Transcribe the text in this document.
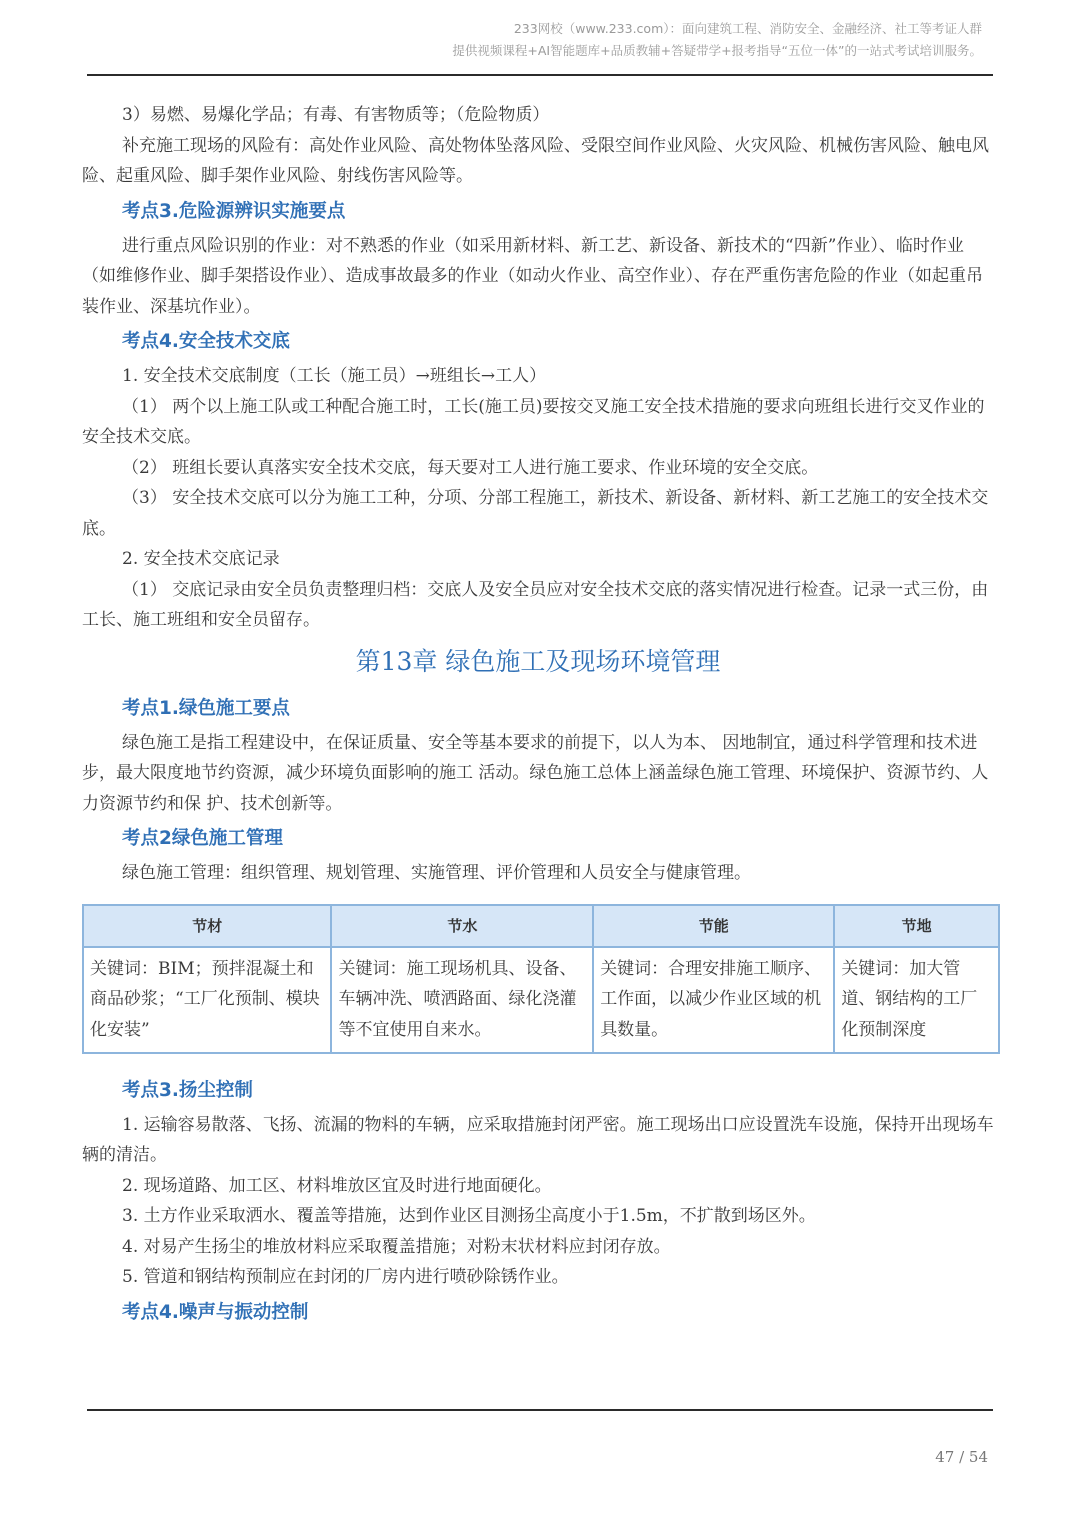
233网校（www.233.com）：面向建筑工程、消防安全、金融经济、社工等考证人群
提供视频课程+AI智能题库+品质教辅+答疑带学+报考指导“五位一体”的一站式考试培训服务。

3）易燃、易爆化学品；有毒、有害物质等；（危险物质）

补充施工现场的风险有：高处作业风险、高处物体坠落风险、受限空间作业风险、火灾风险、机械伤害风险、触电风险、起重风险、脚手架作业风险、射线伤害风险等。

考点3.危险源辨识实施要点

进行重点风险识别的作业：对不熟悉的作业（如采用新材料、新工艺、新设备、新技术的“四新”作业）、临时作业（如维修作业、脚手架搭设作业）、造成事故最多的作业（如动火作业、高空作业）、存在严重伤害危险的作业（如起重吊装作业、深基坑作业）。

考点4.安全技术交底

1. 安全技术交底制度（工长（施工员）→班组长→工人）

（1） 两个以上施工队或工种配合施工时，工长(施工员)要按交叉施工安全技术措施的要求向班组长进行交叉作业的安全技术交底。

（2） 班组长要认真落实安全技术交底，每天要对工人进行施工要求、作业环境的安全交底。

（3） 安全技术交底可以分为施工工种，分项、分部工程施工，新技术、新设备、新材料、新工艺施工的安全技术交底。

2. 安全技术交底记录

（1） 交底记录由安全员负责整理归档：交底人及安全员应对安全技术交底的落实情况进行检查。记录一式三份，由工长、施工班组和安全员留存。

第13章 绿色施工及现场环境管理
考点1.绿色施工要点

绿色施工是指工程建设中，在保证质量、安全等基本要求的前提下，以人为本、 因地制宜，通过科学管理和技术进步，最大限度地节约资源，减少环境负面影响的施工 活动。绿色施工总体上涵盖绿色施工管理、环境保护、资源节约、人力资源节约和保 护、技术创新等。

考点2绿色施工管理

绿色施工管理：组织管理、规划管理、实施管理、评价管理和人员安全与健康管理。

节材	节水	节能	节地
关键词：BIM；预拌混凝土和商品砂浆；“工厂化预制、模块化安装”	关键词：施工现场机具、设备、车辆冲洗、喷洒路面、绿化浇灌等不宜使用自来水。	关键词：合理安排施工顺序、工作面，以减少作业区域的机具数量。	关键词：加大管道、钢结构的工厂化预制深度
考点3.扬尘控制

1. 运输容易散落、飞扬、流漏的物料的车辆，应采取措施封闭严密。施工现场出口应设置洗车设施，保持开出现场车辆的清洁。

2. 现场道路、加工区、材料堆放区宜及时进行地面硬化。

3. 土方作业采取洒水、覆盖等措施，达到作业区目测扬尘高度小于1.5m，不扩散到场区外。

4. 对易产生扬尘的堆放材料应采取覆盖措施；对粉末状材料应封闭存放。

5. 管道和钢结构预制应在封闭的厂房内进行喷砂除锈作业。

考点4.噪声与振动控制
47 / 54
